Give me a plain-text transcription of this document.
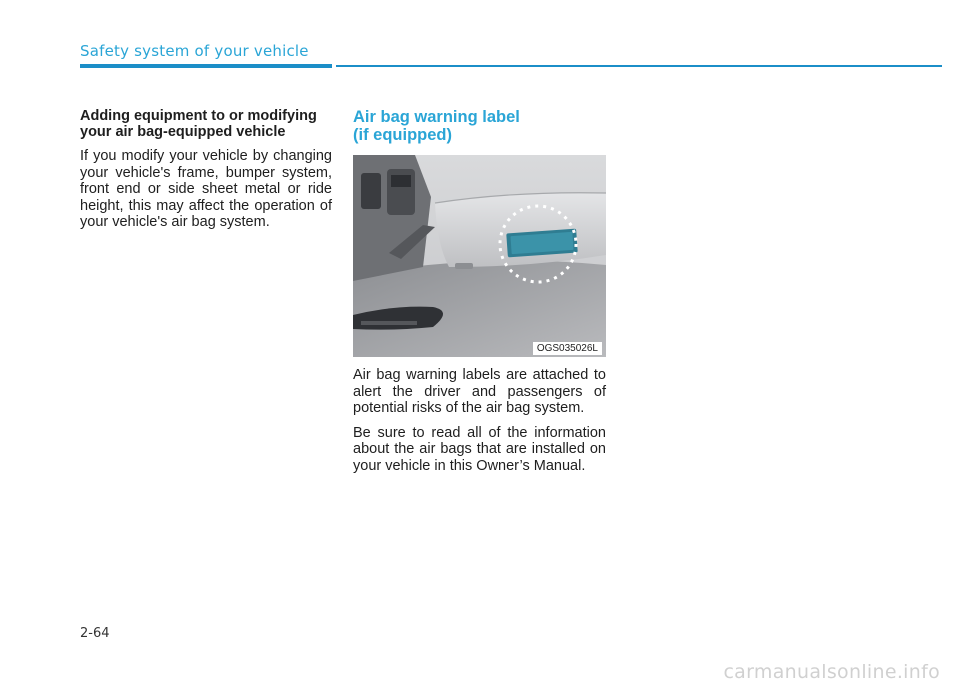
Safety system of your vehicle
Adding equipment to or modifying
your air bag-equipped vehicle

If you modify your vehicle by changing your vehicle's frame, bumper system, front end or side sheet metal or ride height, this may affect the operation of your vehicle's air bag system.

Air bag warning label
(if equipped)
OGS035026L

Air bag warning labels are attached to alert the driver and passengers of potential risks of the air bag system.

Be sure to read all of the information about the air bags that are installed on your vehicle in this Owner’s Manual.

2-64
carmanualsonline.info
